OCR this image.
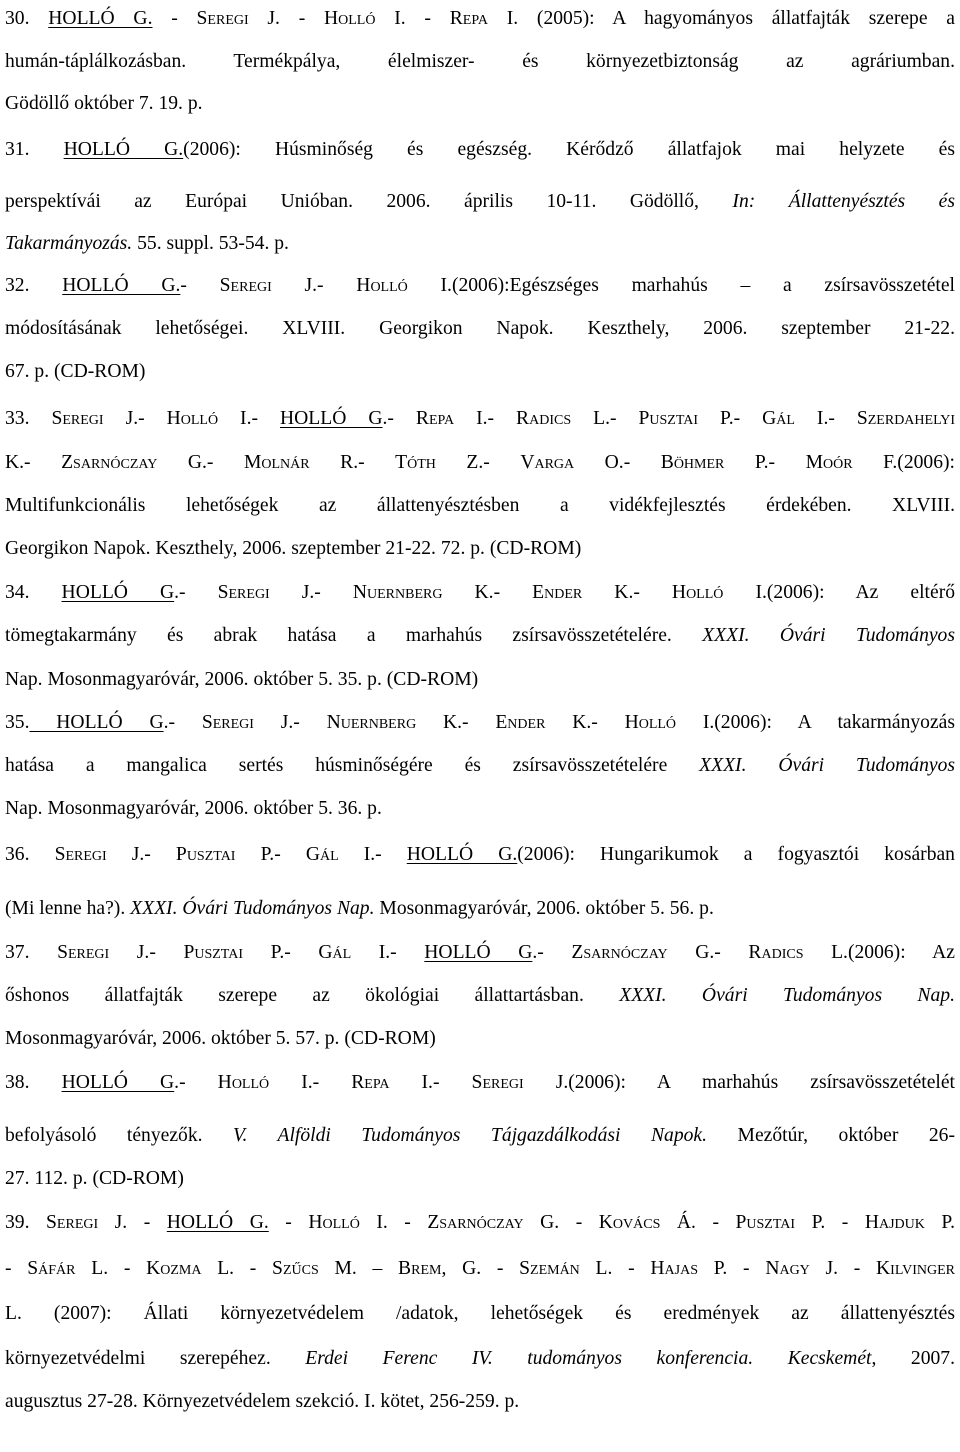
30. HOLLÓ G. - Seregi J. - Holló I. - Repa I. (2005): A hagyományos állatfajták szerepe a
humán-táplálkozásban. Termékpálya, élelmiszer- és környezetbiztonság az agráriumban.
Gödöllő október 7. 19. p.
31. HOLLÓ G.(2006): Húsminőség és egészség. Kérődző állatfajok mai helyzete és
perspektívái az Európai Unióban. 2006. április 10-11. Gödöllő, In: Állattenyésztés és
Takarmányozás. 55. suppl. 53-54. p.
32. HOLLÓ G.- Seregi J.- Holló I.(2006):Egészséges marhahús – a zsírsavösszetétel
módosításának lehetőségei. XLVIII. Georgikon Napok. Keszthely, 2006. szeptember 21-22.
67. p. (CD-ROM)
33. Seregi J.- Holló I.- HOLLÓ G.- Repa I.- Radics L.- Pusztai P.- Gál I.- Szerdahelyi
K.- Zsarnóczay G.- Molnár R.- Tóth Z.- Varga O.- Böhmer P.- Moór F.(2006):
Multifunkcionális lehetőségek az állattenyésztésben a vidékfejlesztés érdekében. XLVIII.
Georgikon Napok. Keszthely, 2006. szeptember 21-22. 72. p. (CD-ROM)
34. HOLLÓ G.- Seregi J.- Nuernberg K.- Ender K.- Holló I.(2006): Az eltérő
tömegtakarmány és abrak hatása a marhahús zsírsavösszetételére. XXXI. Óvári Tudományos
Nap. Mosonmagyaróvár, 2006. október 5. 35. p. (CD-ROM)
35. HOLLÓ G.- Seregi J.- Nuernberg K.- Ender K.- Holló I.(2006): A takarmányozás
hatása a mangalica sertés húsminőségére és zsírsavösszetételére XXXI. Óvári Tudományos
Nap. Mosonmagyaróvár, 2006. október 5. 36. p.
36. Seregi J.- Pusztai P.- Gál I.- HOLLÓ G.(2006): Hungarikumok a fogyasztói kosárban
(Mi lenne ha?). XXXI. Óvári Tudományos Nap. Mosonmagyaróvár, 2006. október 5. 56. p.
37. Seregi J.- Pusztai P.- Gál I.- HOLLÓ G.- Zsarnóczay G.- Radics L.(2006): Az
őshonos állatfajták szerepe az ökológiai állattartásban. XXXI. Óvári Tudományos Nap.
Mosonmagyaróvár, 2006. október 5. 57. p. (CD-ROM)
38. HOLLÓ G.- Holló I.- Repa I.- Seregi J.(2006): A marhahús zsírsavösszetételét
befolyásoló tényezők. V. Alföldi Tudományos Tájgazdálkodási Napok. Mezőtúr, október 26-
27. 112. p. (CD-ROM)
39. Seregi J. - HOLLÓ G. - Holló I. - Zsarnóczay G. - Kovács Á. - Pusztai P. - Hajduk P.
- Sáfár L. - Kozma L. - Szűcs M. – Brem, G. - Szemán L. - Hajas P. - Nagy J. - Kilvinger
L. (2007): Állati környezetvédelem /adatok, lehetőségek és eredmények az állattenyésztés
környezetvédelmi szerepéhez. Erdei Ferenc IV. tudományos konferencia. Kecskemét, 2007.
augusztus 27-28. Környezetvédelem szekció. I. kötet, 256-259. p.
